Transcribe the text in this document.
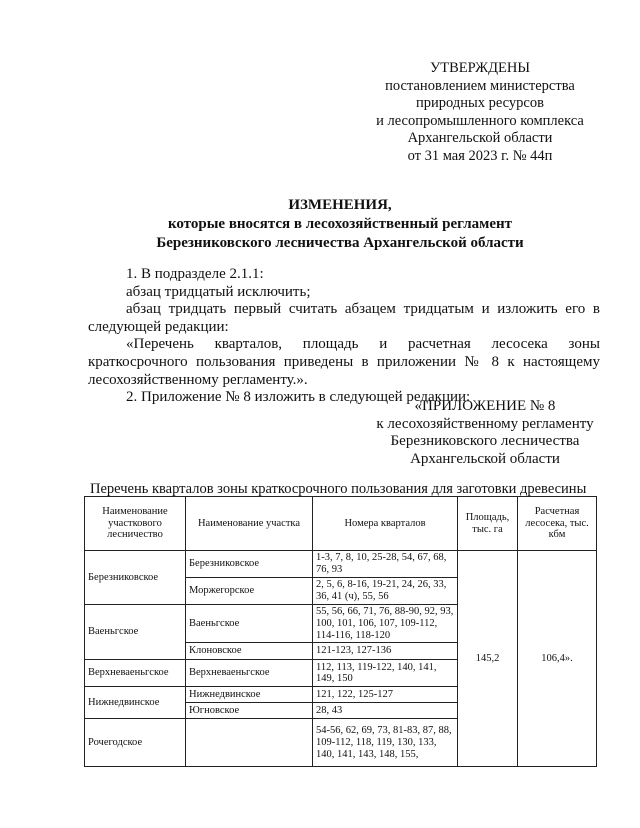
УТВЕРЖДЕНЫ
постановлением министерства
природных ресурсов
и лесопромышленного комплекса
Архангельской области
от 31 мая 2023 г. № 44п
ИЗМЕНЕНИЯ,
которые вносятся в лесохозяйственный регламент
Березниковского лесничества Архангельской области
1. В подразделе 2.1.1:
абзац тридцатый исключить;
абзац тридцать первый считать абзацем тридцатым и изложить его в следующей редакции:
«Перечень кварталов, площадь и расчетная лесосека зоны краткосрочного пользования приведены в приложении № 8 к настоящему лесохозяйственному регламенту.».
2. Приложение № 8 изложить в следующей редакции:
«ПРИЛОЖЕНИЕ № 8
к лесохозяйственному регламенту
Березниковского лесничества
Архангельской области
Перечень кварталов зоны краткосрочного пользования для заготовки древесины
Наименование участкового лесничество	Наименование участка	Номера кварталов	Площадь, тыс. га	Расчетная лесосека, тыс. кбм
Березниковское	Березниковское	1-3, 7, 8, 10, 25-28, 54, 67, 68, 76, 93	145,2	106,4».
	Моржегорское	2, 5, 6, 8-16, 19-21, 24, 26, 33, 36, 41 (ч), 55, 56		
Ваеньгское	Ваеньгское	55, 56, 66, 71, 76, 88-90, 92, 93, 100, 101, 106, 107, 109-112, 114-116, 118-120		
	Клоновское	121-123, 127-136		
Верхневаеньгское	Верхневаеньгское	112, 113, 119-122, 140, 141, 149, 150		
Нижнедвинское	Нижнедвинское	121, 122, 125-127		
	Югновское	28, 43		
Рочегодское		54-56, 62, 69, 73, 81-83, 87, 88, 109-112, 118, 119, 130, 133, 140, 141, 143, 148, 155,		
